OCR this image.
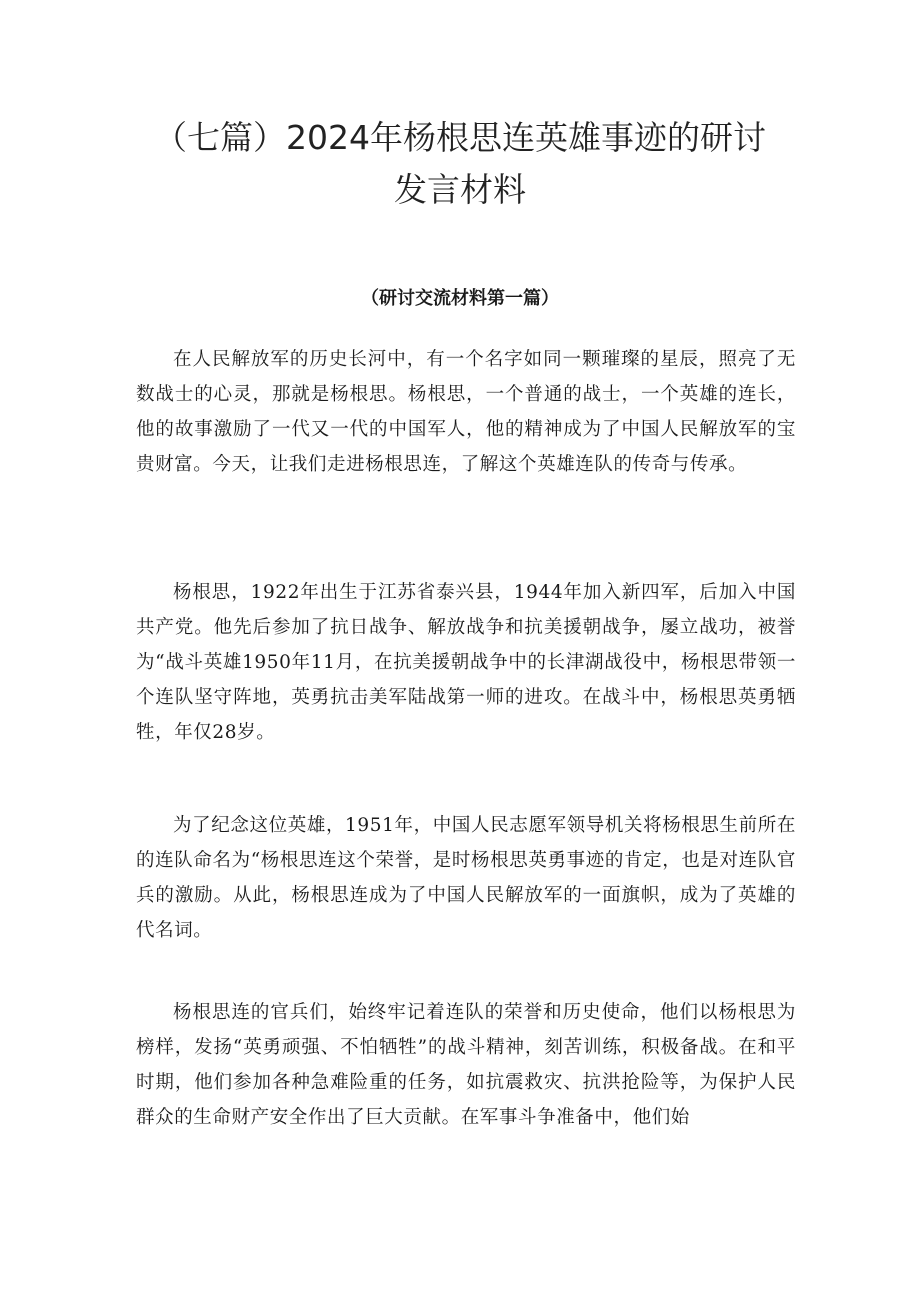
（七篇）2024年杨根思连英雄事迹的研讨
发言材料
（研讨交流材料第一篇）

在人民解放军的历史长河中，有一个名字如同一颗璀璨的星辰，照亮了无数战士的心灵，那就是杨根思。杨根思，一个普通的战士，一个英雄的连长，他的故事激励了一代又一代的中国军人，他的精神成为了中国人民解放军的宝贵财富。今天，让我们走进杨根思连，了解这个英雄连队的传奇与传承。

杨根思，1922年出生于江苏省泰兴县，1944年加入新四军，后加入中国共产党。他先后参加了抗日战争、解放战争和抗美援朝战争，屡立战功，被誉为“战斗英雄1950年11月，在抗美援朝战争中的长津湖战役中，杨根思带领一个连队坚守阵地，英勇抗击美军陆战第一师的进攻。在战斗中，杨根思英勇牺牲，年仅28岁。

为了纪念这位英雄，1951年，中国人民志愿军领导机关将杨根思生前所在的连队命名为“杨根思连这个荣誉，是时杨根思英勇事迹的肯定，也是对连队官兵的激励。从此，杨根思连成为了中国人民解放军的一面旗帜，成为了英雄的代名词。

杨根思连的官兵们，始终牢记着连队的荣誉和历史使命，他们以杨根思为榜样，发扬“英勇顽强、不怕牺牲”的战斗精神，刻苦训练，积极备战。在和平时期，他们参加各种急难险重的任务，如抗震救灾、抗洪抢险等，为保护人民群众的生命财产安全作出了巨大贡献。在军事斗争准备中，他们始
